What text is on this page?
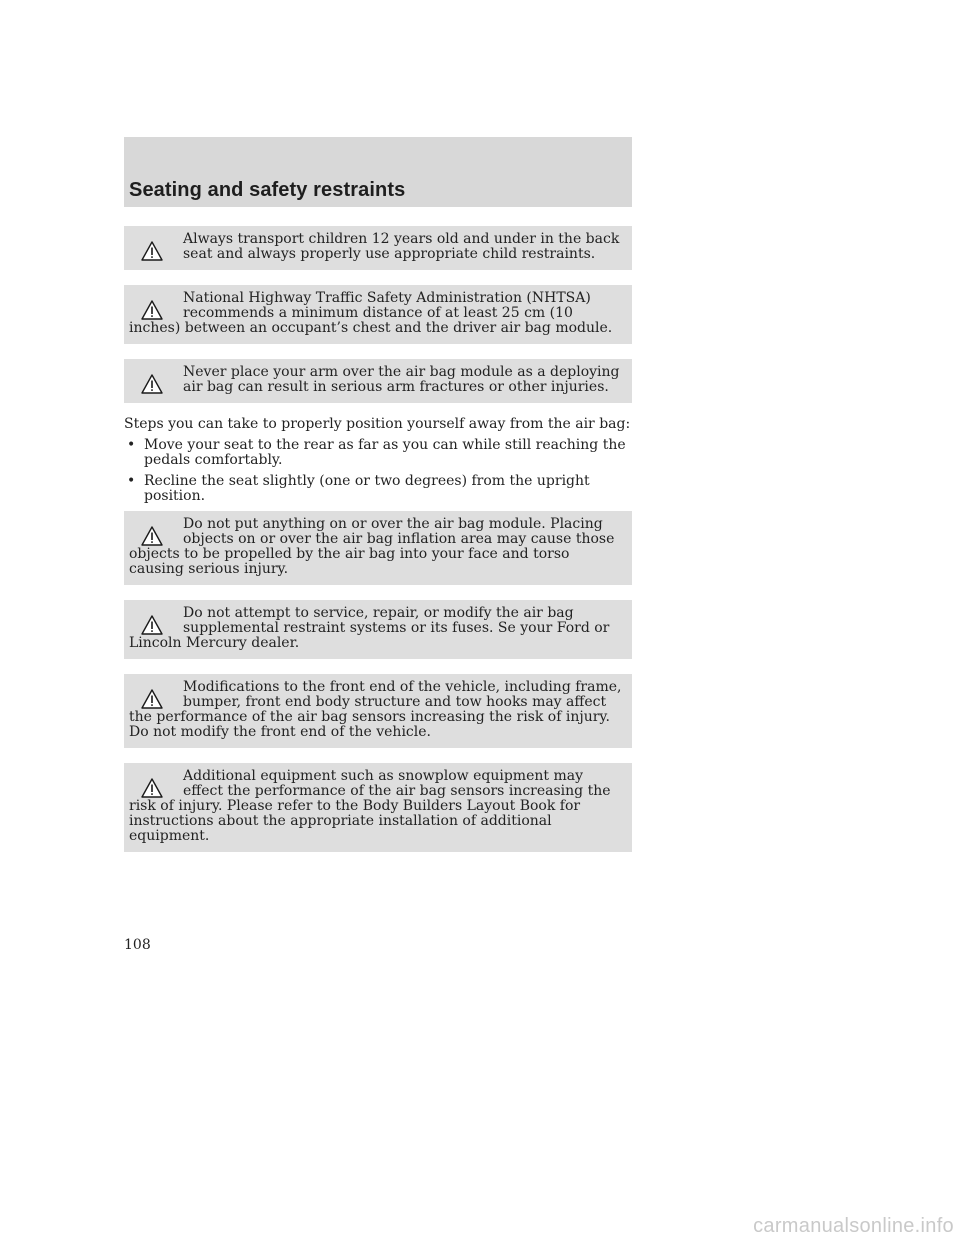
Seating and safety restraints
Always transport children 12 years old and under in the back seat and always properly use appropriate child restraints.
National Highway Traffic Safety Administration (NHTSA) recommends a minimum distance of at least 25 cm (10 inches) between an occupant’s chest and the driver air bag module.
Never place your arm over the air bag module as a deploying air bag can result in serious arm fractures or other injuries.
Steps you can take to properly position yourself away from the air bag:
• Move your seat to the rear as far as you can while still reaching the pedals comfortably.
• Recline the seat slightly (one or two degrees) from the upright position.
Do not put anything on or over the air bag module. Placing objects on or over the air bag inflation area may cause those objects to be propelled by the air bag into your face and torso causing serious injury.
Do not attempt to service, repair, or modify the air bag supplemental restraint systems or its fuses. Se your Ford or Lincoln Mercury dealer.
Modifications to the front end of the vehicle, including frame, bumper, front end body structure and tow hooks may affect the performance of the air bag sensors increasing the risk of injury. Do not modify the front end of the vehicle.
Additional equipment such as snowplow equipment may effect the performance of the air bag sensors increasing the risk of injury. Please refer to the Body Builders Layout Book for instructions about the appropriate installation of additional equipment.
108
carmanualsonline.info
